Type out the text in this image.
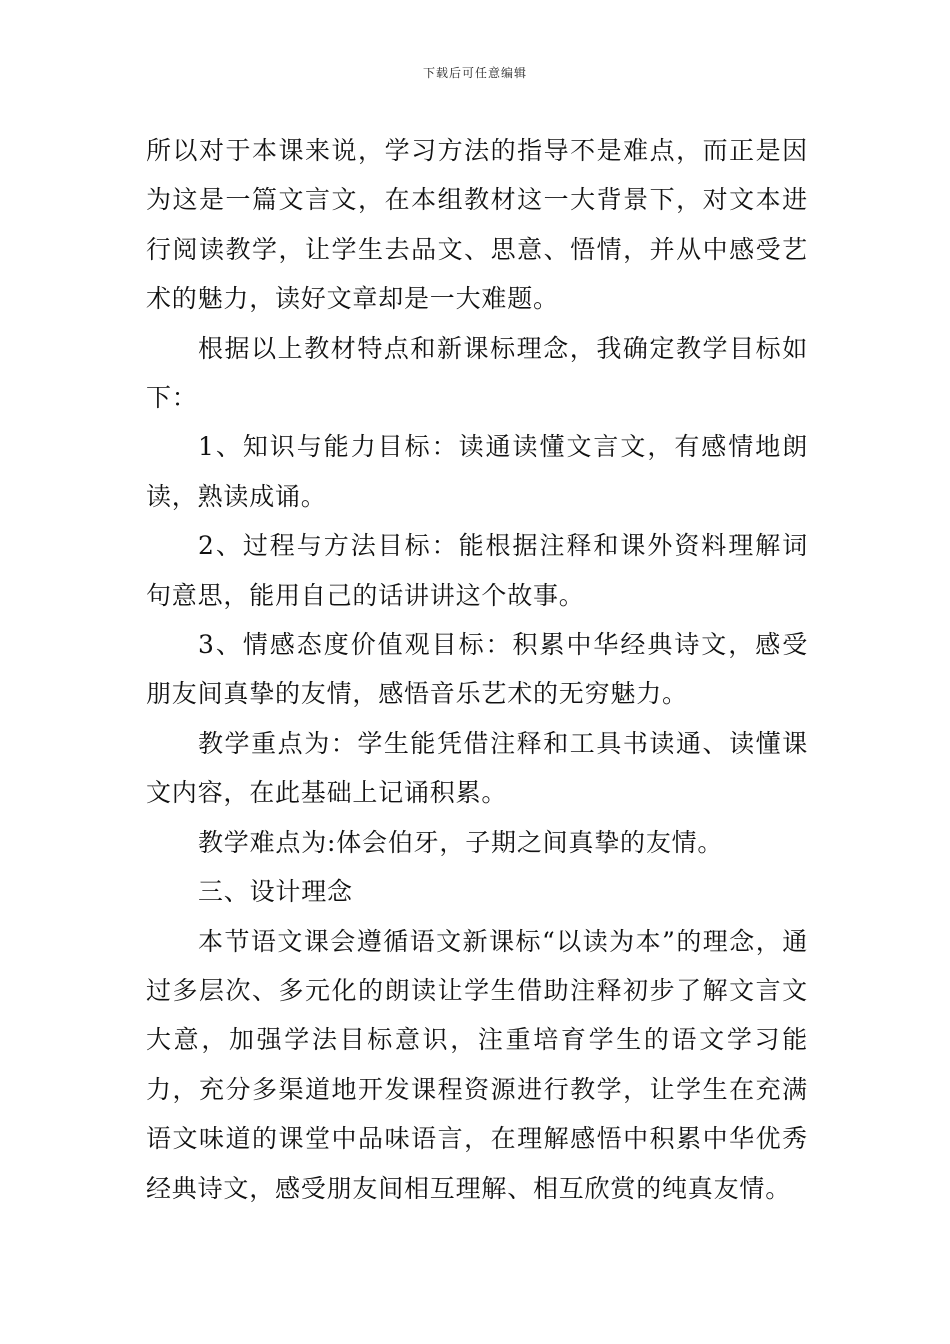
下载后可任意编辑

所以对于本课来说，学习方法的指导不是难点，而正是因为这是一篇文言文，在本组教材这一大背景下，对文本进行阅读教学，让学生去品文、思意、悟情，并从中感受艺术的魅力，读好文章却是一大难题。

根据以上教材特点和新课标理念，我确定教学目标如下：

1、知识与能力目标：读通读懂文言文，有感情地朗读，熟读成诵。

2、过程与方法目标：能根据注释和课外资料理解词句意思，能用自己的话讲讲这个故事。

3、情感态度价值观目标：积累中华经典诗文，感受朋友间真挚的友情，感悟音乐艺术的无穷魅力。

教学重点为：学生能凭借注释和工具书读通、读懂课文内容，在此基础上记诵积累。

教学难点为:体会伯牙，子期之间真挚的友情。

三、设计理念

本节语文课会遵循语文新课标“以读为本”的理念，通过多层次、多元化的朗读让学生借助注释初步了解文言文大意，加强学法目标意识，注重培育学生的语文学习能力，充分多渠道地开发课程资源进行教学，让学生在充满语文味道的课堂中品味语言，在理解感悟中积累中华优秀经典诗文，感受朋友间相互理解、相互欣赏的纯真友情。
